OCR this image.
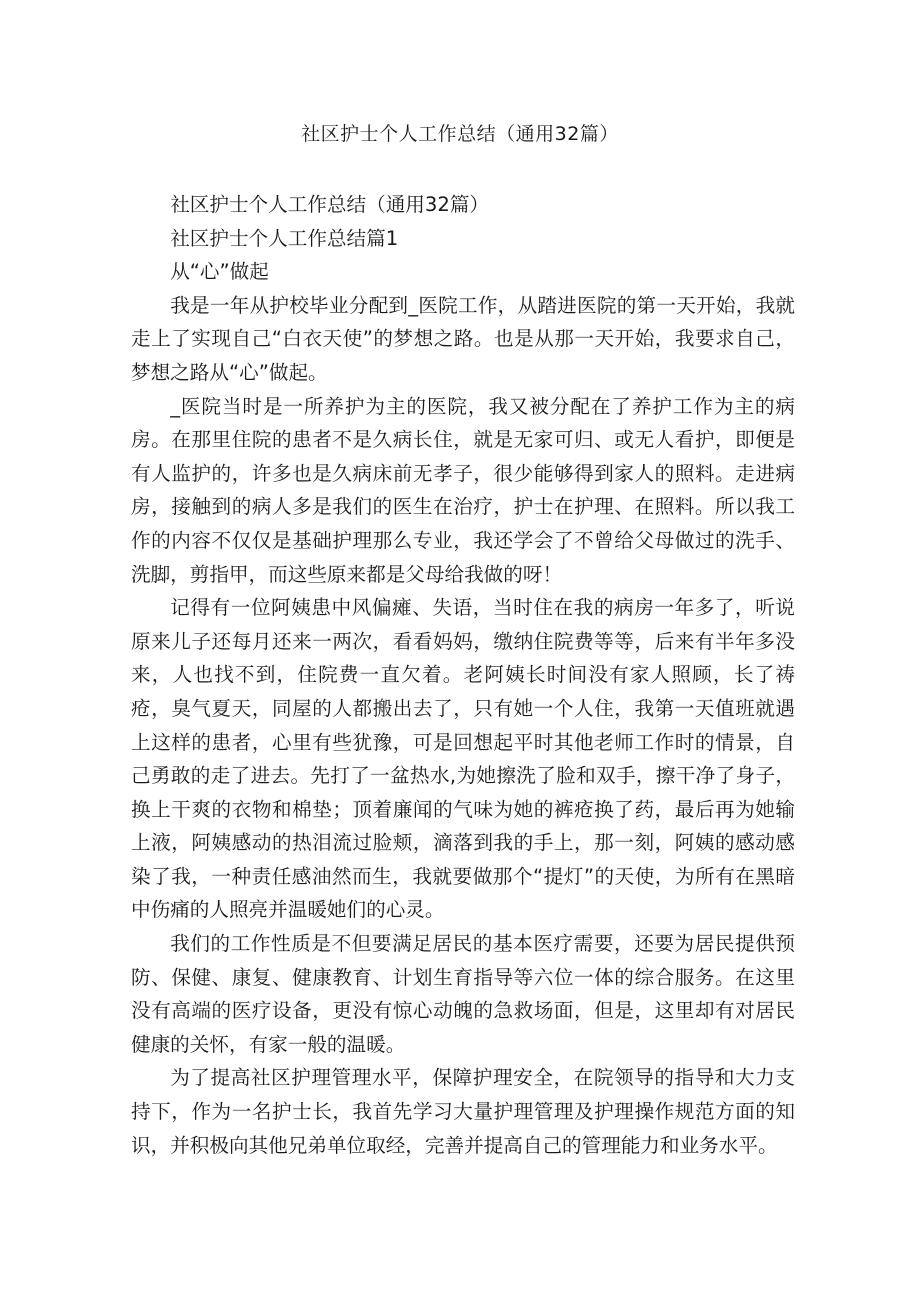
社区护士个人工作总结（通用32篇）

社区护士个人工作总结（通用32篇）

社区护士个人工作总结篇1

从“心”做起

我是一年从护校毕业分配到_医院工作，从踏进医院的第一天开始，我就走上了实现自己“白衣天使”的梦想之路。也是从那一天开始，我要求自己，梦想之路从“心”做起。

_医院当时是一所养护为主的医院，我又被分配在了养护工作为主的病房。在那里住院的患者不是久病长住，就是无家可归、或无人看护，即便是有人监护的，许多也是久病床前无孝子，很少能够得到家人的照料。走进病房，接触到的病人多是我们的医生在治疗，护士在护理、在照料。所以我工作的内容不仅仅是基础护理那么专业，我还学会了不曾给父母做过的洗手、洗脚，剪指甲，而这些原来都是父母给我做的呀！

记得有一位阿姨患中风偏瘫、失语，当时住在我的病房一年多了，听说原来儿子还每月还来一两次，看看妈妈，缴纳住院费等等，后来有半年多没来，人也找不到，住院费一直欠着。老阿姨长时间没有家人照顾，长了祷疮，臭气夏天，同屋的人都搬出去了，只有她一个人住，我第一天值班就遇上这样的患者，心里有些犹豫，可是回想起平时其他老师工作时的情景，自己勇敢的走了进去。先打了一盆热水,为她擦洗了脸和双手，擦干净了身子，换上干爽的衣物和棉垫；顶着廉闻的气味为她的裤疮换了药，最后再为她输上液，阿姨感动的热泪流过脸颊，滴落到我的手上，那一刻，阿姨的感动感染了我，一种责任感油然而生，我就要做那个“提灯”的天使，为所有在黑暗中伤痛的人照亮并温暖她们的心灵。

我们的工作性质是不但要满足居民的基本医疗需要，还要为居民提供预防、保健、康复、健康教育、计划生育指导等六位一体的综合服务。在这里没有高端的医疗设备，更没有惊心动魄的急救场面，但是，这里却有对居民健康的关怀，有家一般的温暖。

为了提高社区护理管理水平，保障护理安全，在院领导的指导和大力支持下，作为一名护士长，我首先学习大量护理管理及护理操作规范方面的知识，并积极向其他兄弟单位取经，完善并提高自己的管理能力和业务水平。
